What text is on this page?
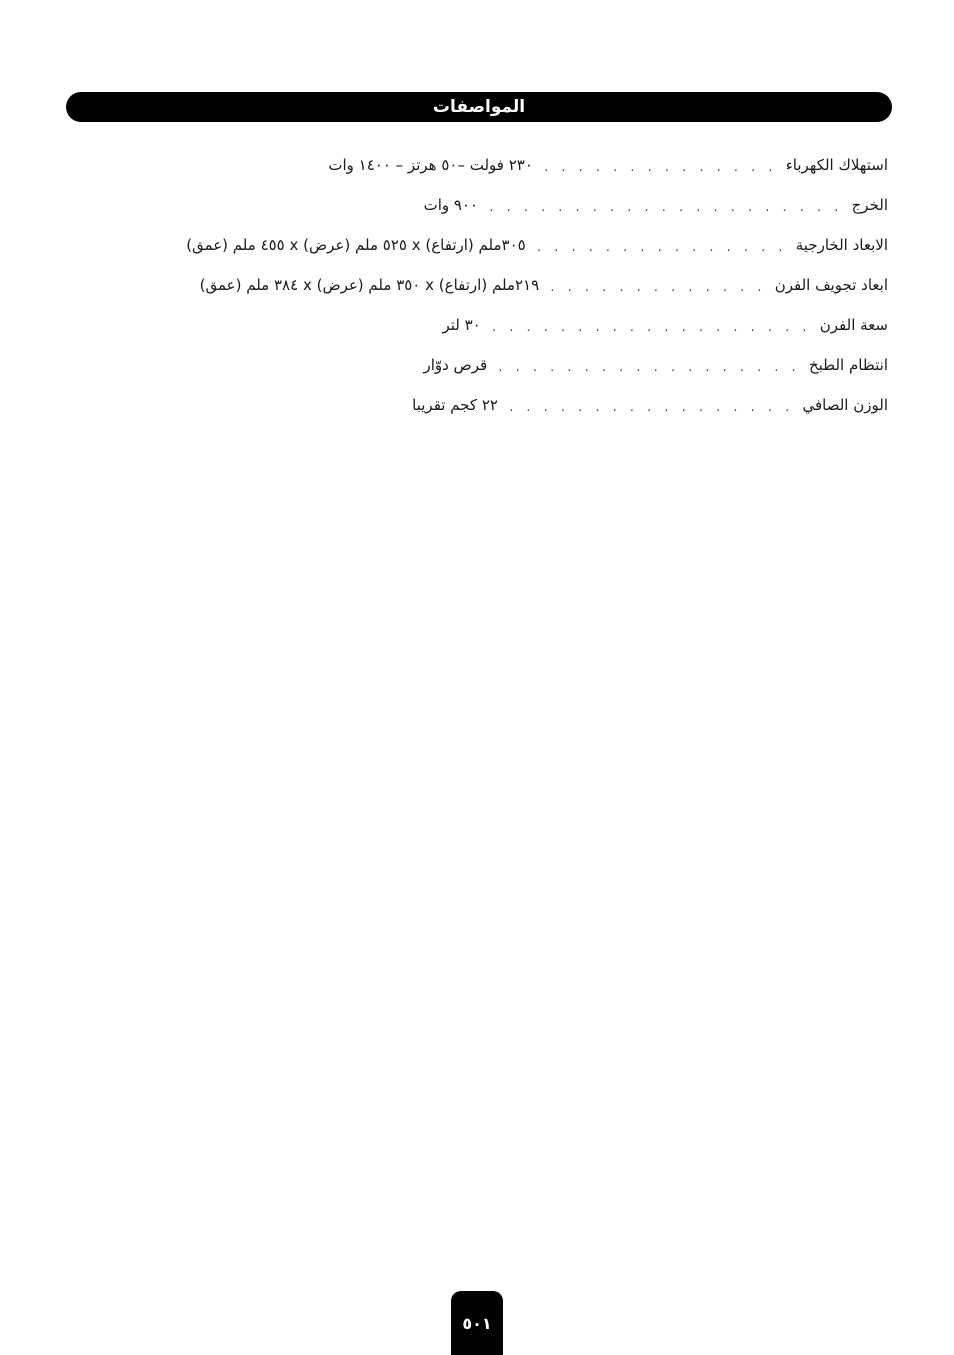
المواصفات
استهلاك الكهرباء
. . . . . . . . . . . . . .
٢٣٠ فولت –٥٠ هرتز – ١٤٠٠ وات
الخرج
. . . . . . . . . . . . . . . . . . . . .
٩٠٠ وات
الابعاد الخارجية
. . . . . . . . . . . . . . .
٣٠٥ملم (ارتفاع) x ٥٢٥ ملم (عرض) x ٤٥٥ ملم (عمق)
ابعاد تجويف الفرن
. . . . . . . . . . . . .
٢١٩ملم (ارتفاع) x ٣٥٠ ملم (عرض) x ٣٨٤ ملم (عمق)
سعة الفرن
. . . . . . . . . . . . . . . . . . .
٣٠ لتر
انتظام الطبخ
. . . . . . . . . . . . . . . . . .
قرص دوّار
الوزن الصافي
. . . . . . . . . . . . . . . . .
٢٢ كجم تقريبا
٥٠١
